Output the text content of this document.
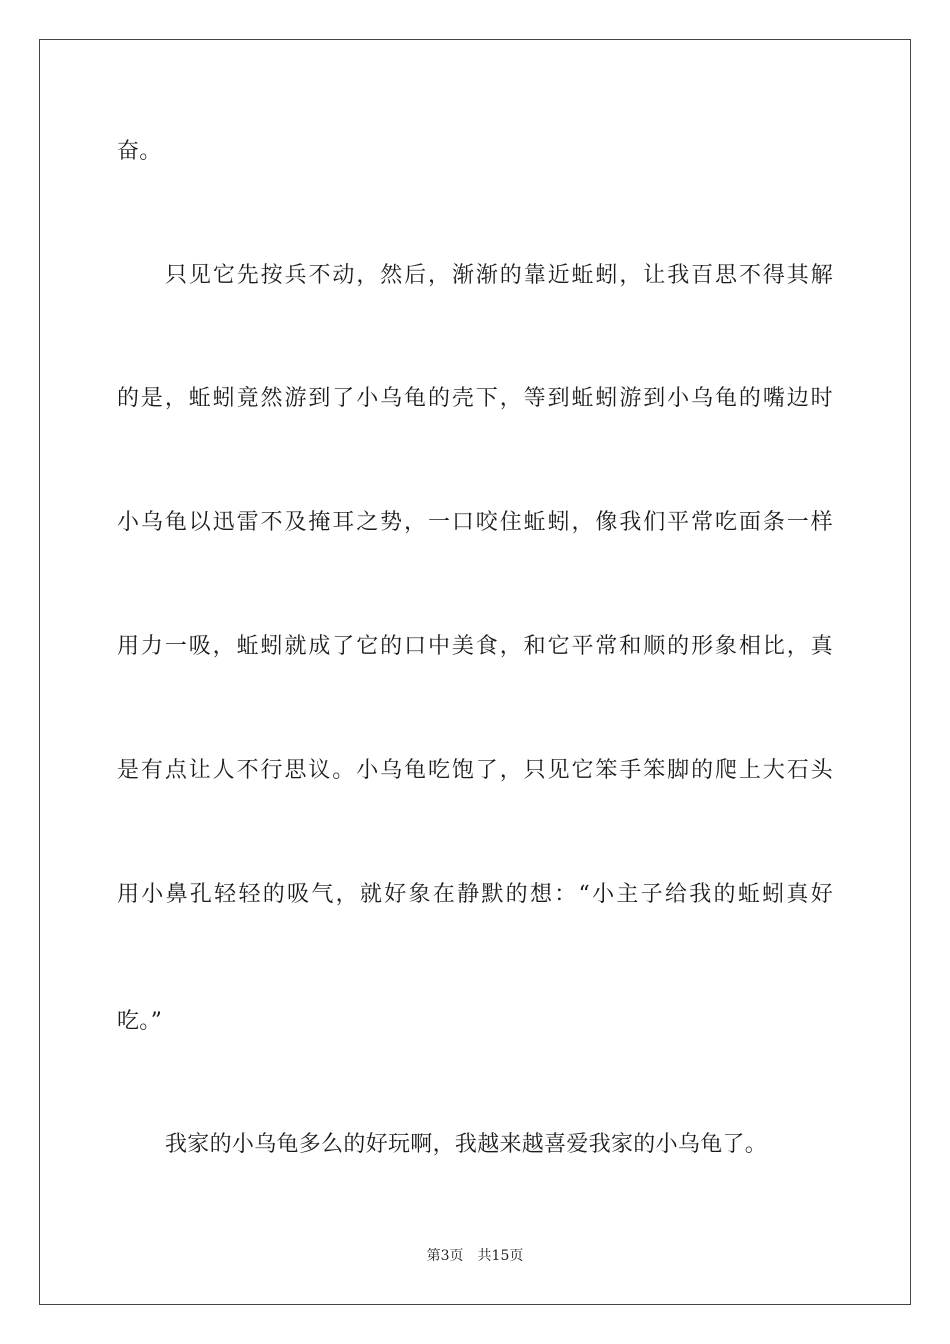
奋。
只见它先按兵不动，然后，渐渐的靠近蚯蚓，让我百思不得其解
的是，蚯蚓竟然游到了小乌龟的壳下，等到蚯蚓游到小乌龟的嘴边时
小乌龟以迅雷不及掩耳之势，一口咬住蚯蚓，像我们平常吃面条一样
用力一吸，蚯蚓就成了它的口中美食，和它平常和顺的形象相比，真
是有点让人不行思议。小乌龟吃饱了，只见它笨手笨脚的爬上大石头
用小鼻孔轻轻的吸气，就好象在静默的想：“小主子给我的蚯蚓真好
吃。”
我家的小乌龟多么的好玩啊，我越来越喜爱我家的小乌龟了。
第3页 共15页
